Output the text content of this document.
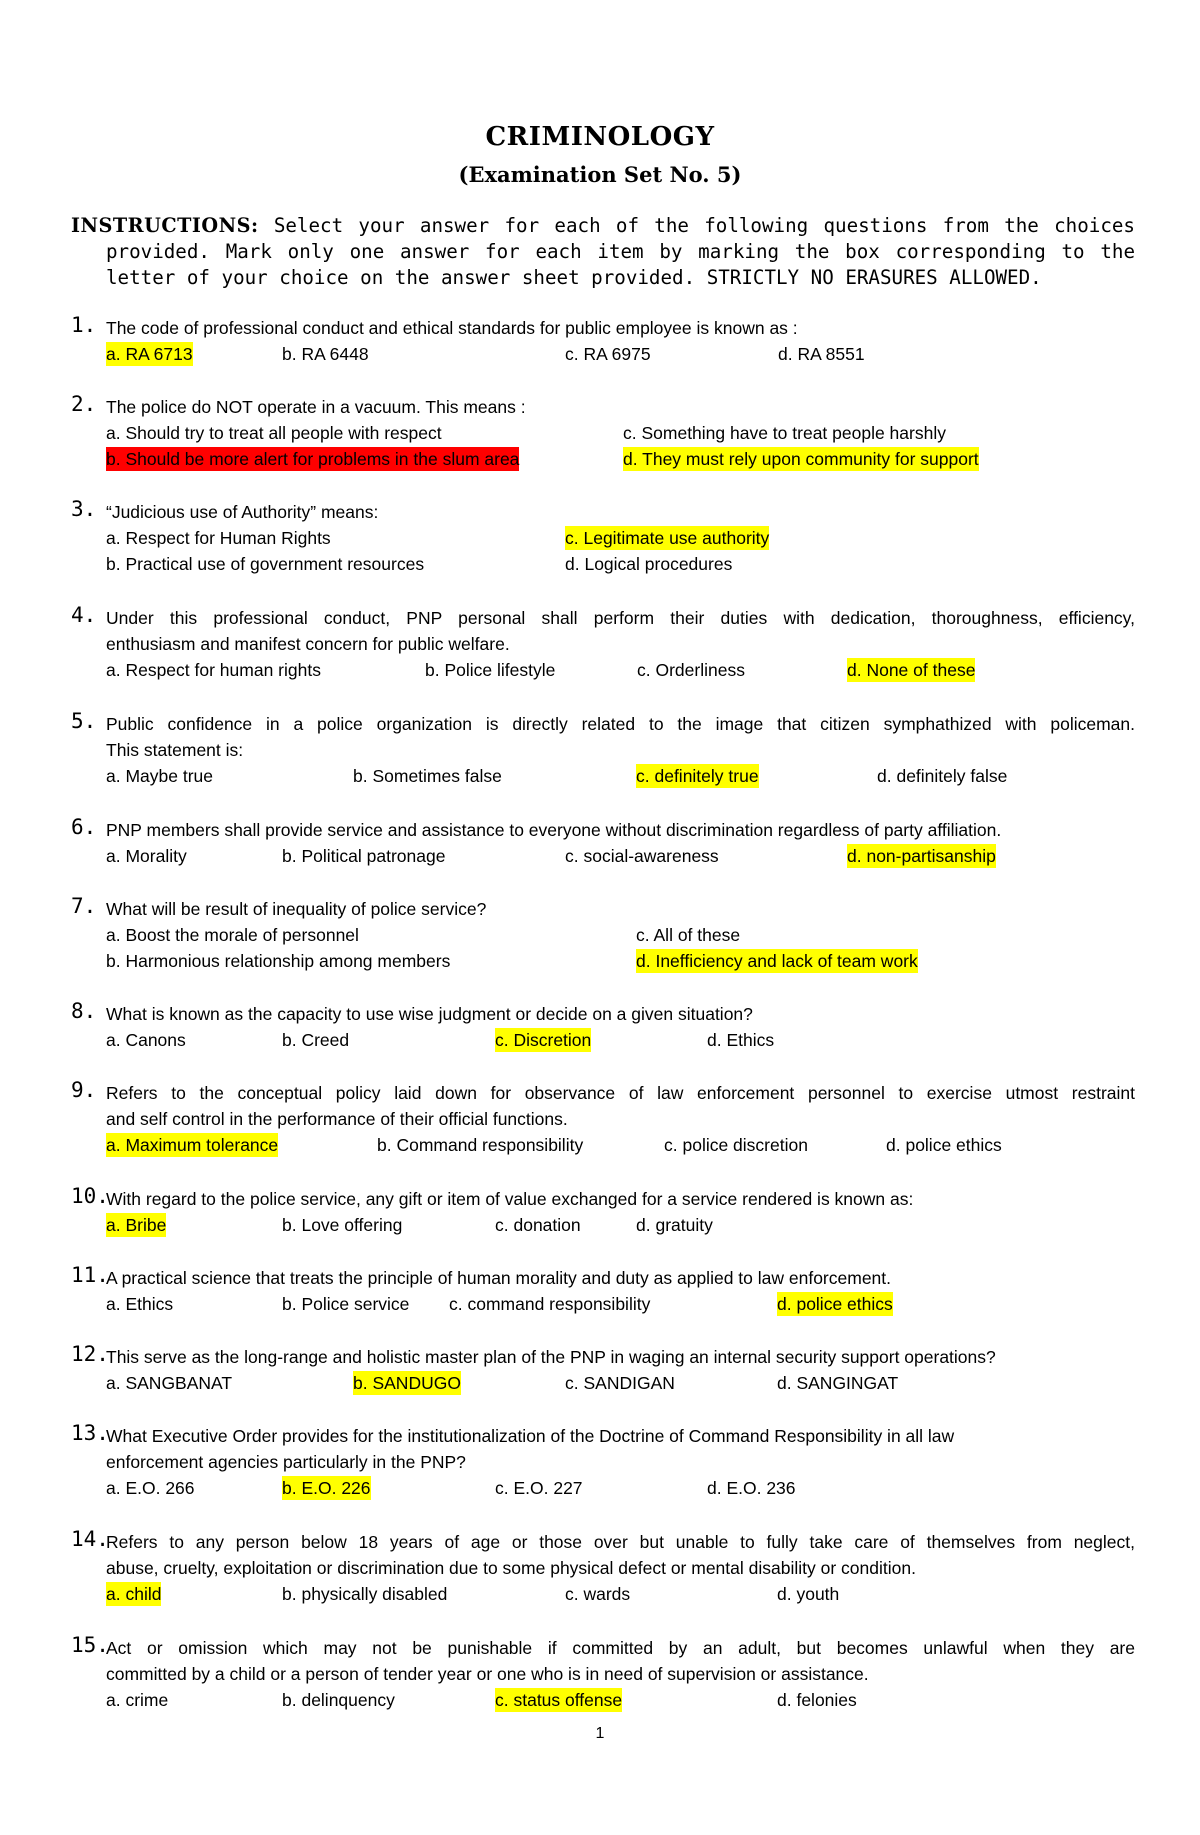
CRIMINOLOGY
(Examination Set No. 5)
INSTRUCTIONS: Select your answer for each of the following questions from the choices
provided. Mark only one answer for each item by marking the box corresponding to the
letter of your choice on the answer sheet provided. STRICTLY NO ERASURES ALLOWED.
1. The code of professional conduct and ethical standards for public employee is known as :
a. RA 6713	b. RA 6448	c. RA 6975	d. RA 8551
2. The police do NOT operate in a vacuum. This means :
a. Should try to treat all people with respect	c. Something have to treat people harshly
b. Should be more alert for problems in the slum area	d. They must rely upon community for support
3. “Judicious use of Authority” means:
a. Respect for Human Rights	c. Legitimate use authority
b. Practical use of government resources	d. Logical procedures
4. Under this professional conduct, PNP personal shall perform their duties with dedication, thoroughness, efficiency,
enthusiasm and manifest concern for public welfare.
a. Respect for human rights	b. Police lifestyle	c. Orderliness	d. None of these
5. Public confidence in a police organization is directly related to the image that citizen symphathized with policeman.
This statement is:
a. Maybe true	b. Sometimes false	c. definitely true	d. definitely false
6. PNP members shall provide service and assistance to everyone without discrimination regardless of party affiliation.
a. Morality	b. Political patronage	c. social-awareness	d. non-partisanship
7. What will be result of inequality of police service?
a. Boost the morale of personnel	c. All of these
b. Harmonious relationship among members	d. Inefficiency and lack of team work
8. What is known as the capacity to use wise judgment or decide on a given situation?
a. Canons	b. Creed	c. Discretion	d. Ethics
9. Refers to the conceptual policy laid down for observance of law enforcement personnel to exercise utmost restraint
and self control in the performance of their official functions.
a. Maximum tolerance	b. Command responsibility	c. police discretion	d. police ethics
10.
With regard to the police service, any gift or item of value exchanged for a service rendered is known as:
a. Bribe	b. Love offering	c. donation	d. gratuity
11.
A practical science that treats the principle of human morality and duty as applied to law enforcement.
a. Ethics	b. Police service c. command responsibility	d. police ethics
12.
This serve as the long-range and holistic master plan of the PNP in waging an internal security support operations?
a. SANGBANAT	b. SANDUGO	c. SANDIGAN	d. SANGINGAT
13.
What Executive Order provides for the institutionalization of the Doctrine of Command Responsibility in all law
enforcement agencies particularly in the PNP?
a. E.O. 266	b. E.O. 226	c. E.O. 227	d. E.O. 236
14.
Refers to any person below 18 years of age or those over but unable to fully take care of themselves from neglect,
abuse, cruelty, exploitation or discrimination due to some physical defect or mental disability or condition.
a. child	b. physically disabled	c. wards	d. youth
15.
Act or omission which may not be punishable if committed by an adult, but becomes unlawful when they are
committed by a child or a person of tender year or one who is in need of supervision or assistance.
a. crime	b. delinquency	c. status offense	d. felonies
1
